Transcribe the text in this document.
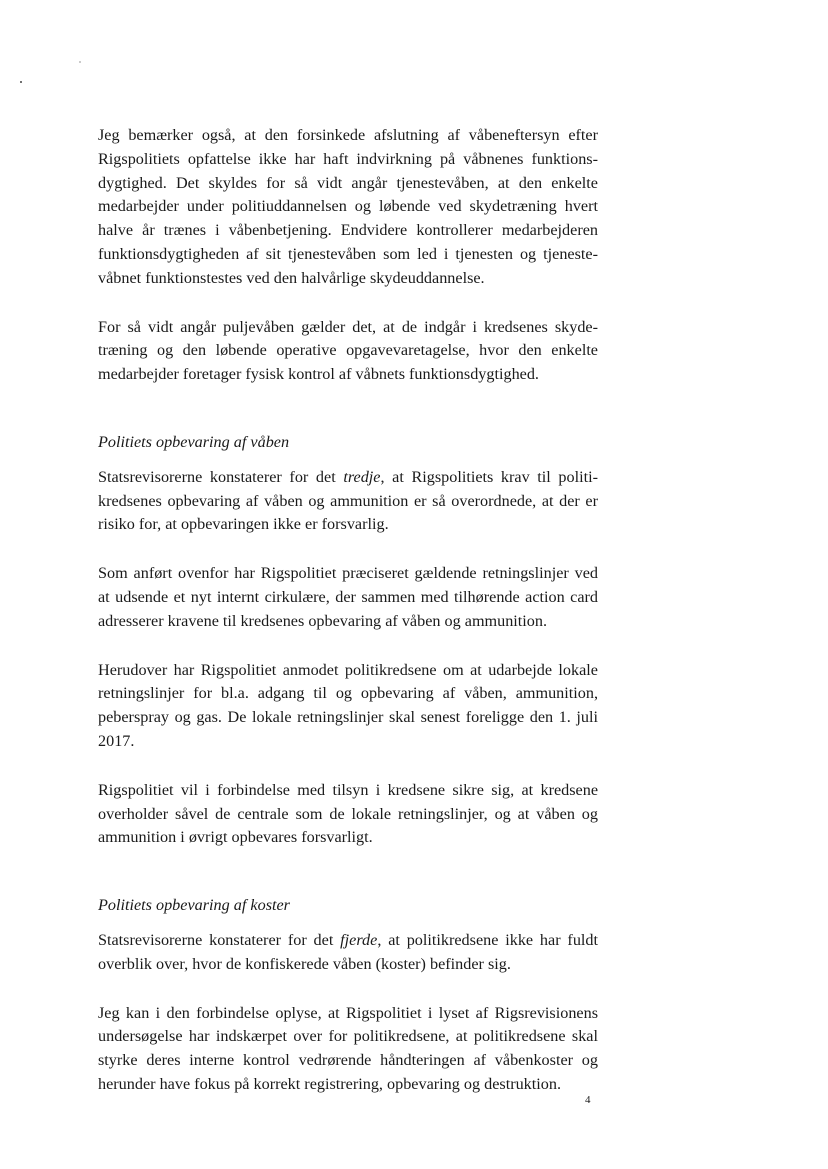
Jeg bemærker også, at den forsinkede afslutning af våbeneftersyn efter Rigspolitiets opfattelse ikke har haft indvirkning på våbnenes funktions-dygtighed. Det skyldes for så vidt angår tjenestevåben, at den enkelte medarbejder under politiuddannelsen og løbende ved skydetræning hvert halve år trænes i våbenbetjening. Endvidere kontrollerer medarbejderen funktionsdygtigheden af sit tjenestevåben som led i tjenesten og tjeneste-våbnet funktionstestes ved den halvårlige skydeuddannelse.

For så vidt angår puljevåben gælder det, at de indgår i kredsenes skyde-træning og den løbende operative opgavevaretagelse, hvor den enkelte medarbejder foretager fysisk kontrol af våbnets funktionsdygtighed.

Politiets opbevaring af våben

Statsrevisorerne konstaterer for det tredje, at Rigspolitiets krav til politi-kredsenes opbevaring af våben og ammunition er så overordnede, at der er risiko for, at opbevaringen ikke er forsvarlig.

Som anført ovenfor har Rigspolitiet præciseret gældende retningslinjer ved at udsende et nyt internt cirkulære, der sammen med tilhørende action card adresserer kravene til kredsenes opbevaring af våben og ammunition.

Herudover har Rigspolitiet anmodet politikredsene om at udarbejde lokale retningslinjer for bl.a. adgang til og opbevaring af våben, ammunition, peberspray og gas. De lokale retningslinjer skal senest foreligge den 1. juli 2017.

Rigspolitiet vil i forbindelse med tilsyn i kredsene sikre sig, at kredsene overholder såvel de centrale som de lokale retningslinjer, og at våben og ammunition i øvrigt opbevares forsvarligt.

Politiets opbevaring af koster

Statsrevisorerne konstaterer for det fjerde, at politikredsene ikke har fuldt overblik over, hvor de konfiskerede våben (koster) befinder sig.

Jeg kan i den forbindelse oplyse, at Rigspolitiet i lyset af Rigsrevisionens undersøgelse har indskærpet over for politikredsene, at politikredsene skal styrke deres interne kontrol vedrørende håndteringen af våbenkoster og herunder have fokus på korrekt registrering, opbevaring og destruktion.

4
